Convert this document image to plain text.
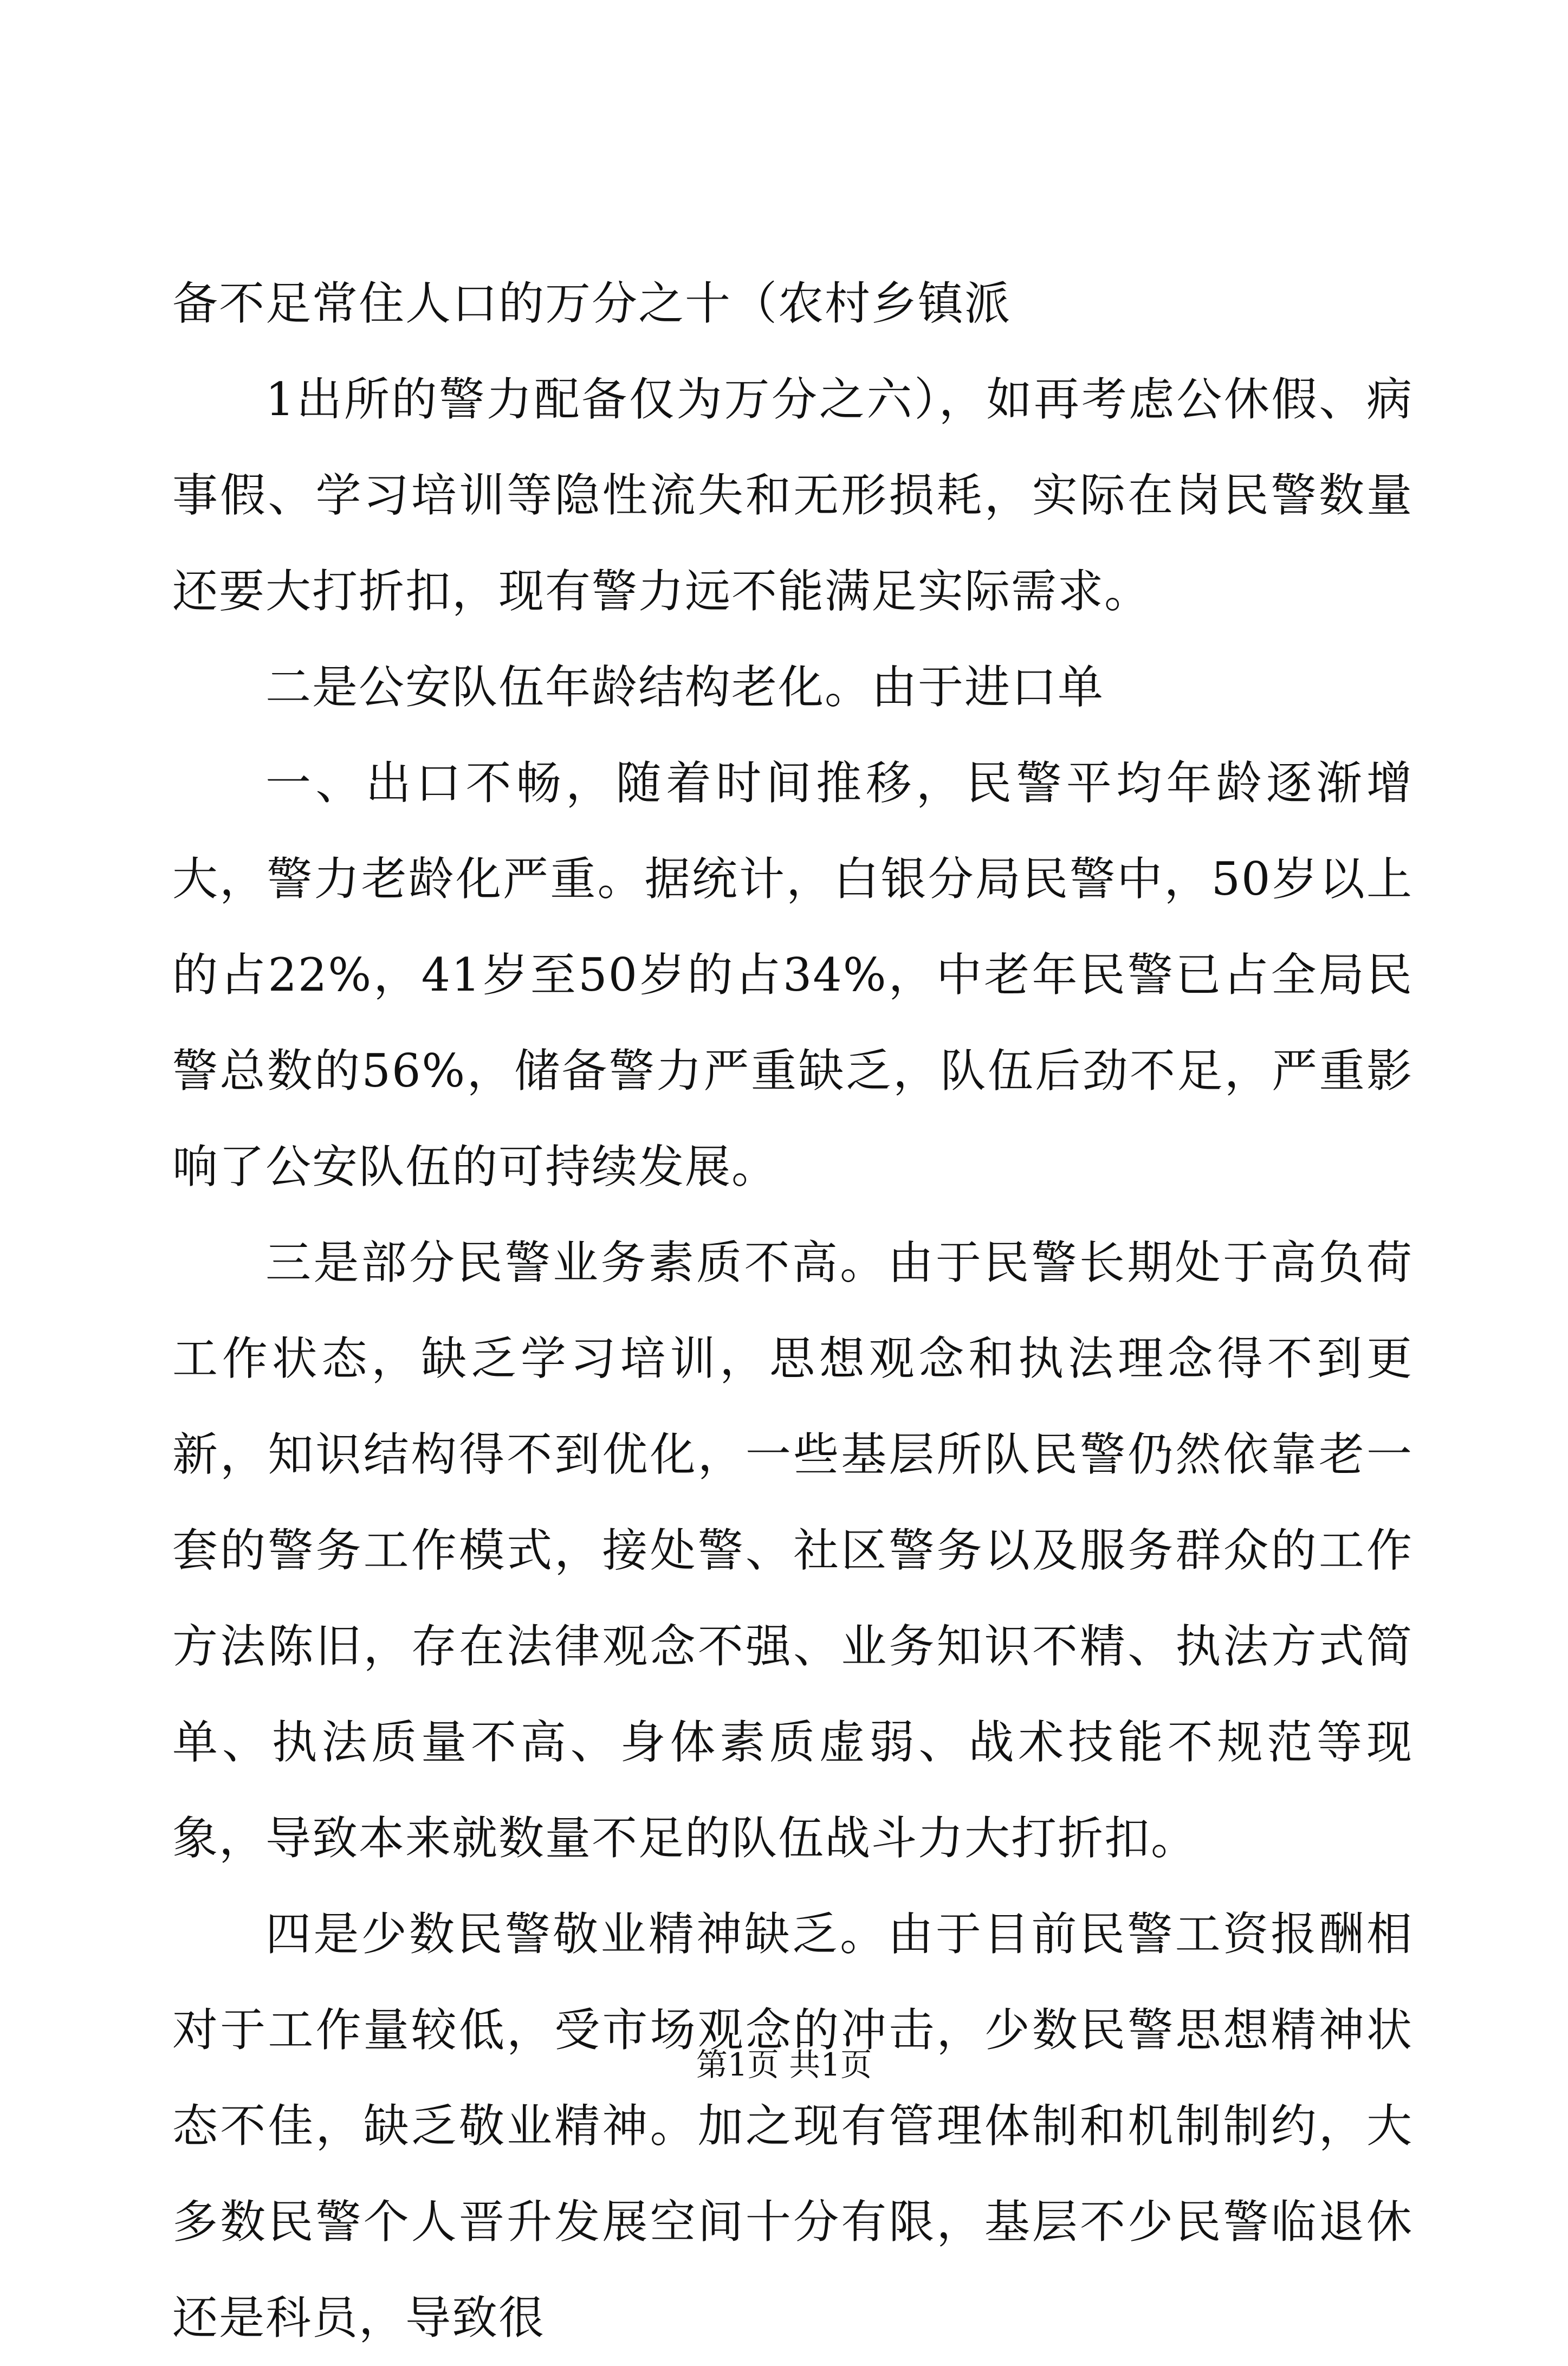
备不足常住人口的万分之十（农村乡镇派

1出所的警力配备仅为万分之六），如再考虑公休假、病事假、学习培训等隐性流失和无形损耗，实际在岗民警数量还要大打折扣，现有警力远不能满足实际需求。

二是公安队伍年龄结构老化。由于进口单

一、出口不畅，随着时间推移，民警平均年龄逐渐增大，警力老龄化严重。据统计，白银分局民警中，50岁以上的占22%，41岁至50岁的占34%，中老年民警已占全局民警总数的56%，储备警力严重缺乏，队伍后劲不足，严重影响了公安队伍的可持续发展。

三是部分民警业务素质不高。由于民警长期处于高负荷工作状态，缺乏学习培训，思想观念和执法理念得不到更新，知识结构得不到优化，一些基层所队民警仍然依靠老一套的警务工作模式，接处警、社区警务以及服务群众的工作方法陈旧，存在法律观念不强、业务知识不精、执法方式简单、执法质量不高、身体素质虚弱、战术技能不规范等现象，导致本来就数量不足的队伍战斗力大打折扣。

四是少数民警敬业精神缺乏。由于目前民警工资报酬相对于工作量较低，受市场观念的冲击，少数民警思想精神状态不佳，缺乏敬业精神。加之现有管理体制和机制制约，大多数民警个人晋升发展空间十分有限，基层不少民警临退休还是科员，导致很

第1页 共1页
